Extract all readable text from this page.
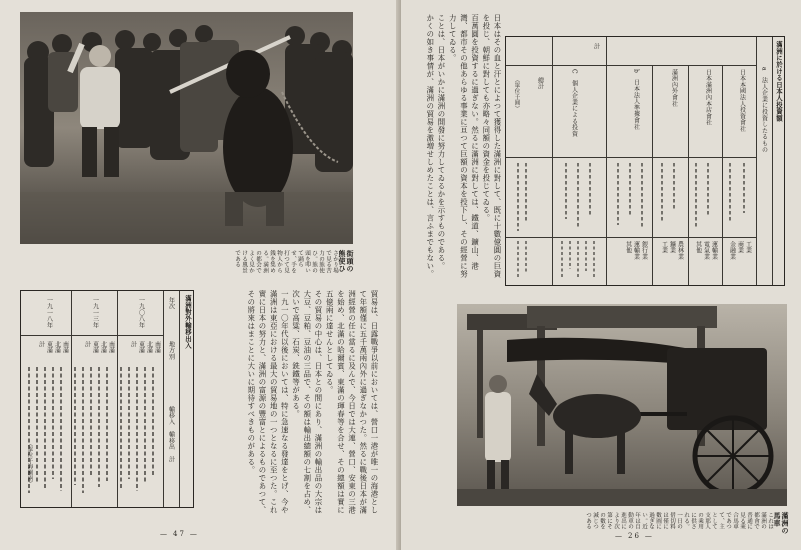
街頭の熊使ひ さかり場で見る苦力の熊使ひ。熊の頭を叩いて踊らせ、手を打つて見物人から銭を集める。満洲の都会でよく見かける風景である
滿洲對外輸移出入
年次
地方別
輸移入　輸移出　計
一九〇八年
南滿
北滿
東滿
計
一九一三年
南滿
北滿
東滿
計
一九一八年
南滿
北滿
東滿
計
（單位千海關兩）	貿易は、日露戰爭以前においては、營口一港が唯一の海港として年額僅に五千萬兩內外に過ぎなかつた。然るに戰後日本が滿洲經營の任に當るに及んで、今日では大連、營口、安東の三港を始め、北滿の哈爾賓、東滿の琿春等を合せ、その總額は實に五億兩に達せんとしてゐる。

その貿易の中心は、日本との間にあり、滿洲の輸出品の大宗は大豆、豆粕、豆油の三品で、その額は輸出總額の七割を占め、次いで高粱、石炭、銑鐵等がある。

一九一〇年代以後においては、特に急速なる發達をとげ、今や滿洲は東亞における最大の貿易地の一つとなるに至つた。これ實に日本の努力と、滿洲の富源の豐富とによるものであつて、その將來はまことに大いに期待すべきものがある。

— 47 —

日本はその血と汗とによつて獲得した滿洲に對して、既に十數億圓の巨資を投じ、朝鮮に對しても亦略々同額の資金を投じてゐる。

百萬圓を投資するに過ぎない。然るに滿洲に對しては、鐵道、鑛山、港灣、都市その他あらゆる事業に亘つて巨額の資本を投下し、その經營に努力してゐる。

ことは、日本がいかに滿洲の開發に努力してゐるかを示すものである。

かくの如き事情が、滿洲の貿易を激増せしめたことは、言ふまでもない。	滿洲に於ける日本人投資額
a　法人企業に投資したるもの
日本本國法人投資會社
日本滿洲內本店會社
滿洲內外會社
b　日本法人準據會社
計
C　個人企業による投資
總計
（單位千圓）
工業
商業
金融業
運輸業
電氣業
其他
農林業
鑛業
工業
銀行業
運輸業
其他
滿洲の馬車 これは滿洲の都會で普通に見る乘合馬車であつて、主として支那人の乘用に供される。一日の借切料は僅に數圓に過ぎない。近年は自動車の進出により次第にその數を減じつつある
— 26 —
